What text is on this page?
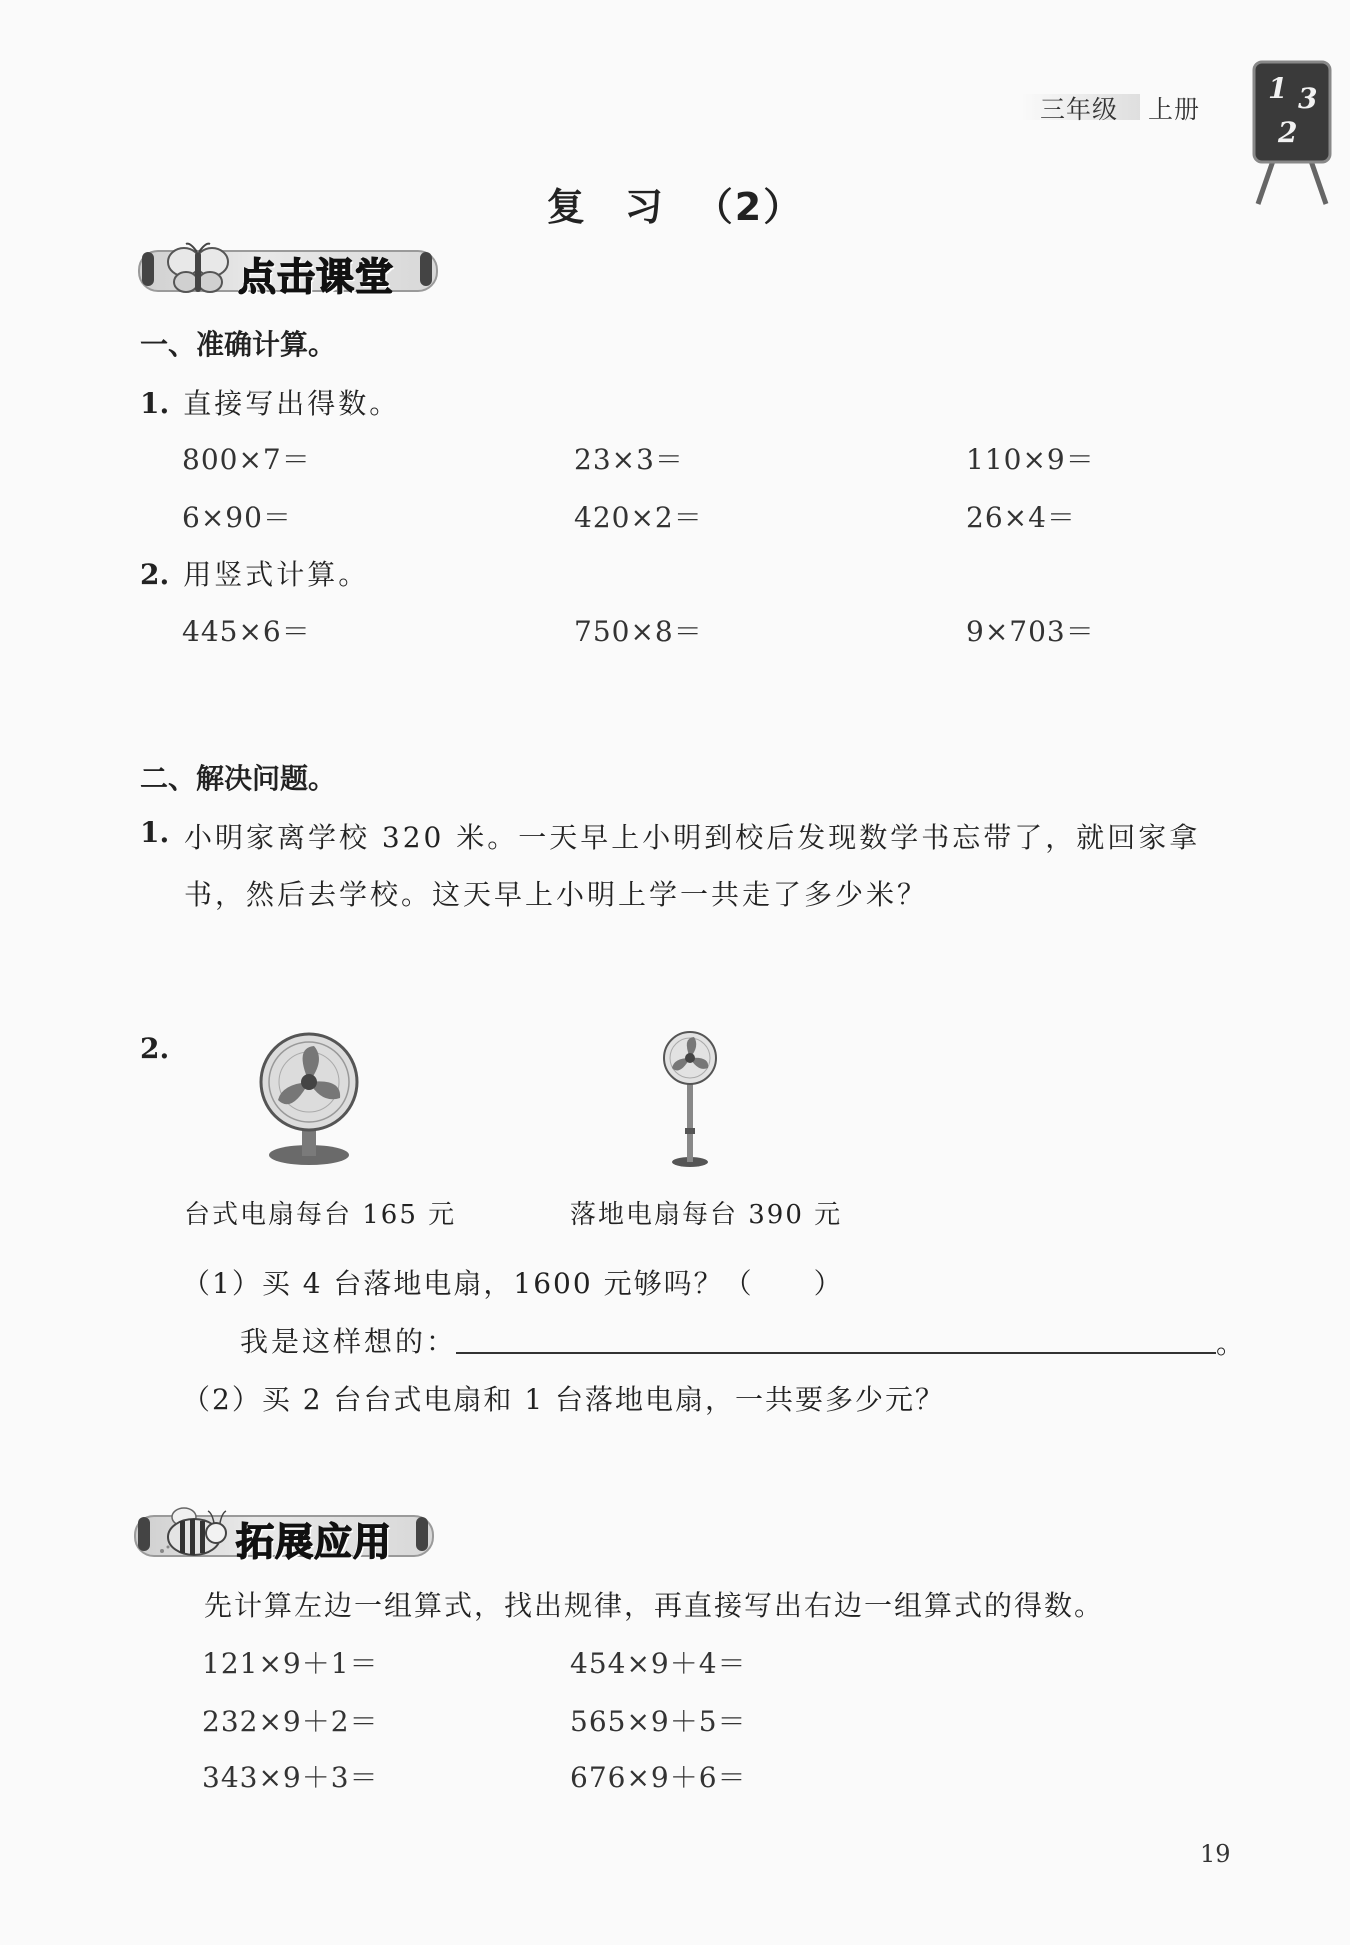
三年级 上册
1 3
2
复 习 （2）
点击课堂
一、准确计算。
1. 直接写出得数。
800×7＝	23×3＝	110×9＝
6×90＝	420×2＝	26×4＝
2. 用竖式计算。
445×6＝	750×8＝	9×703＝
二、解决问题。
1. 小明家离学校 320 米。一天早上小明到校后发现数学书忘带了，就回家拿
书，然后去学校。这天早上小明上学一共走了多少米？
2.
台式电扇每台 165 元	落地电扇每台 390 元
（1）买 4 台落地电扇，1600 元够吗？（　　）
我是这样想的：	。
（2）买 2 台台式电扇和 1 台落地电扇，一共要多少元？
拓展应用
先计算左边一组算式，找出规律，再直接写出右边一组算式的得数。
121×9＋1＝	454×9＋4＝
232×9＋2＝	565×9＋5＝
343×9＋3＝	676×9＋6＝
19
